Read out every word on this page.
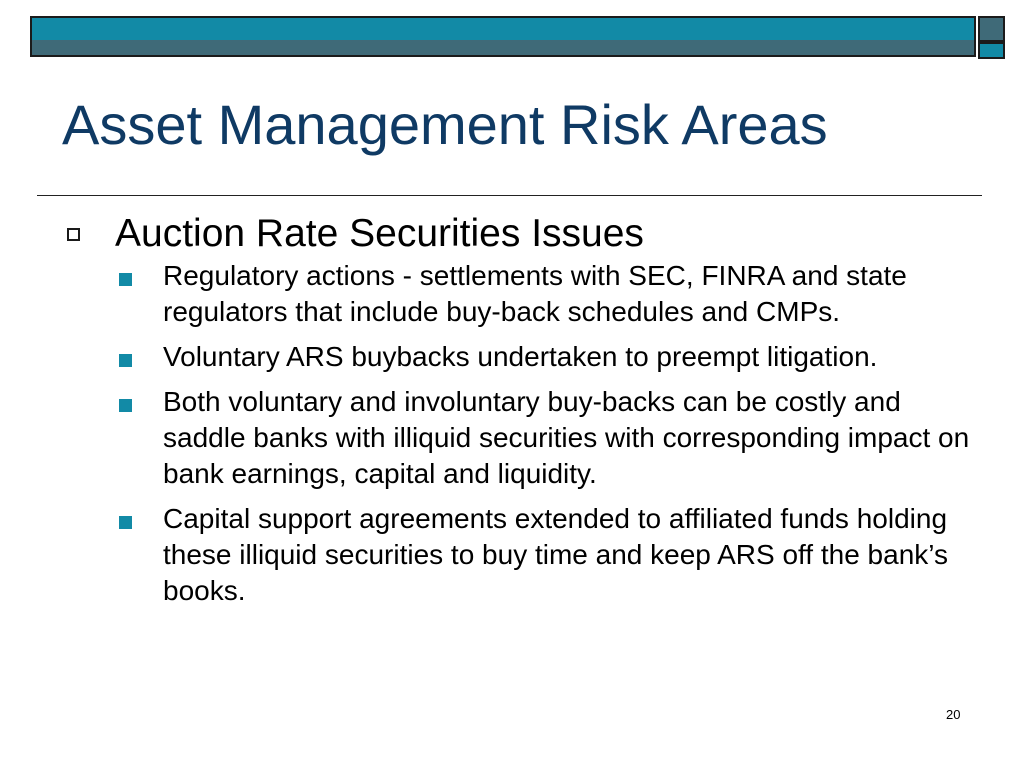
Asset Management Risk Areas
Auction Rate Securities Issues
Regulatory actions - settlements with SEC, FINRA and state regulators that include buy-back schedules and CMPs.
Voluntary ARS buybacks undertaken to preempt litigation.
Both voluntary and involuntary buy-backs can be costly and saddle banks with illiquid securities with corresponding impact on bank earnings, capital and liquidity.
Capital support agreements extended to affiliated funds holding these illiquid securities to buy time and keep ARS off the bank’s books.
20
